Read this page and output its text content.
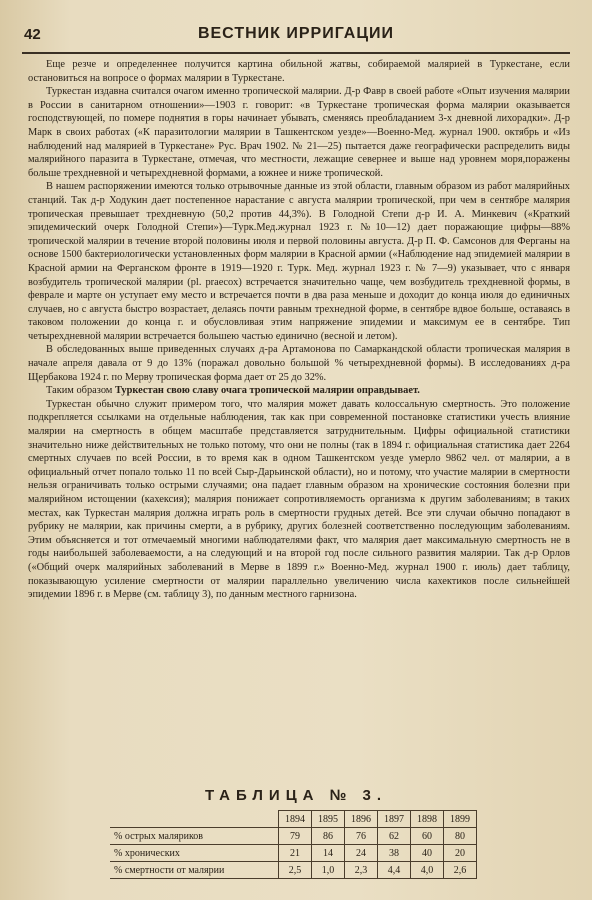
42	ВЕСТНИК ИРРИГАЦИИ

Еще резче и определеннее получится картина обильной жатвы, собираемой малярией в Туркестане, если остановиться на вопросе о формах малярии в Туркестане.

Туркестан издавна считался очагом именно тропической малярии. Д-р Фавр в своей работе «Опыт изучения малярии в России в санитарном отношении»—1903 г. говорит: «в Туркестане тропическая форма малярии оказывается господствующей, по помере поднятия в горы начинает убывать, сменяясь преобладанием 3-х дневной лихорадки». Д-р Марк в своих работах («К паразитологии малярии в Ташкентском уезде»—Военно-Мед. журнал 1900. октябрь и «Из наблюдений над малярией в Туркестане» Рус. Врач 1902. № 21—25) пытается даже географически распределить виды малярийного паразита в Туркестане, отмечая, что местности, лежащие севернее и выше над уровнем моря,поражены больше трехдневной и четырехдневной формами, а южнее и ниже тропической.

В нашем распоряжении имеются только отрывочные данные из этой области, главным образом из работ малярийных станций. Так д-р Ходукин дает постепенное нарастание с августа малярии тропической, при чем в сентябре малярия тропическая превышает трехдневную (50,2 против 44,3%). В Голодной Степи д-р И. А. Минкевич («Краткий эпидемический очерк Голодной Степи»)—Турк.Мед.журнал 1923 г. №10—12) дает поражающие цифры—88% тропической малярии в течение второй половины июля и первой половины августа. Д-р П. Ф. Самсонов для Ферганы на основе 1500 бактериологически установленных форм малярии в Красной армии («Наблюдение над эпидемией малярии в Красной армии на Ферганском фронте в 1919—1920 г. Турк. Мед. журнал 1923 г. № 7—9) указывает, что с января возбудитель тропической малярии (pl. praecox) встречается значительно чаще, чем возбудитель трехдневной формы, в феврале и марте он уступает ему место и встречается почти в два раза меньше и доходит до конца июля до единичных случаев, но с августа быстро возрастает, делаясь почти равным трехнедной форме, в сентябре вдвое больше, оставаясь в таковом положении до конца г. и обусловливая этим напряжение эпидемии и максимум ее в сентябре. Тип четырехдневной малярии встречается большею частью единично (весной и летом).

В обследованных выше приведенных случаях д-ра Артамонова по Самаркандской области тропическая малярия в начале апреля давала от 9 до 13% (поражал довольно большой % четырехдневной формы). В исследованиях д-ра Щербакова 1924 г. по Мерву тропическая форма дает от 25 до 32%.

Таким образом Туркестан свою славу очага тропической малярии оправдывает.

Туркестан обычно служит примером того, что малярия может давать колоссальную смертность. Это положение подкрепляется ссылками на отдельные наблюдения, так как при современной постановке статистики учесть влияние малярии на смертность в общем масштабе представляется затруднительным. Цифры официальной статистики значительно ниже действительных не только потому, что они не полны (так в 1894 г. официальная статистика дает 2264 смертных случаев по всей России, в то время как в одном Ташкентском уезде умерло 9862 чел. от малярии, а в официальный отчет попало только 11 по всей Сыр-Дарьинской области), но и потому, что участие малярии в смертности нельзя ограничивать только острыми случаями; она падает главным образом на хронические состояния болезни при малярийном истощении (кахексия); малярия понижает сопротивляемость организма к другим заболеваниям; в таких местах, как Туркестан малярия должна играть роль в смертности грудных детей. Все эти случаи обычно попадают в рубрику не малярии, как причины смерти, а в рубрику, других болезней соответственно последующим заболеваниям. Этим объясняется и тот отмечаемый многими наблюдателями факт, что малярия дает максимальную смертность не в годы наибольшей заболеваемости, а на следующий и на второй год после сильного развития малярии. Так д-р Орлов («Общий очерк малярийных заболеваний в Мерве в 1899 г.» Военно-Мед. журнал 1900 г. июль) дает таблицу, показывающую усиление смертности от малярии параллельно увеличению числа кахектиков после сильнейшей эпидемии 1896 г. в Мерве (см. таблицу 3), по данным местного гарнизона.

ТАБЛИЦА № 3.
	1894	1895	1896	1897	1898	1899
% острых маляриков	79	86	76	62	60	80
% хронических	21	14	24	38	40	20
% смертности от малярии	2,5	1,0	2,3	4,4	4,0	2,6
